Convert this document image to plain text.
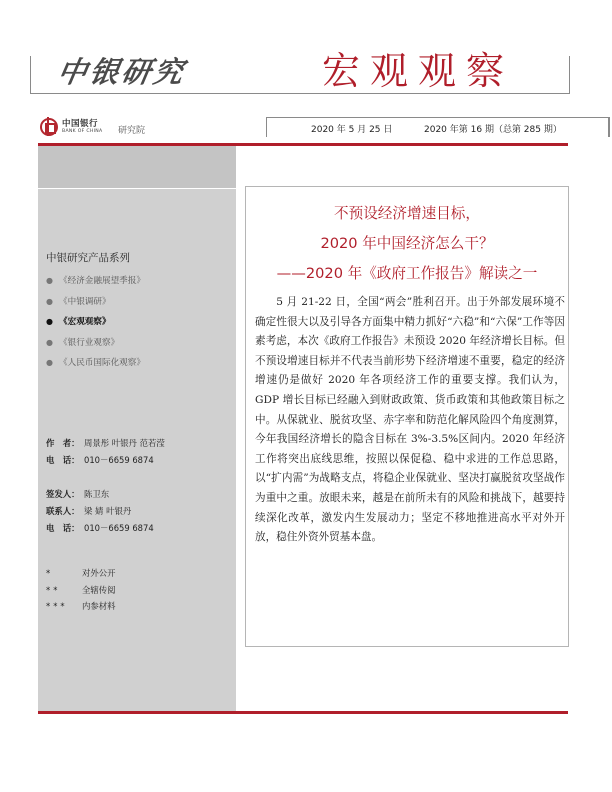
中银研究	宏观观察
中国银行
BANK OF CHINA 研究院	2020 年 5 月 25 日	2020 年第 16 期（总第 285 期）
中银研究产品系列
● 《经济金融展望季报》
● 《中银调研》
● 《宏观观察》
● 《银行业观察》
● 《人民币国际化观察》
作　者： 周景彤 叶银丹 范若滢
电　话： 010－6659 6874
签发人： 陈卫东
联系人： 梁 婧 叶银丹
电　话： 010－6659 6874
*	对外公开
**	全辖传阅
*** 内参材料
不预设经济增速目标，
2020 年中国经济怎么干？
——2020 年《政府工作报告》解读之一

5 月 21-22 日，全国“两会”胜利召开。出于外部发展环境不确定性很大以及引导各方面集中精力抓好“六稳”和“六保”工作等因素考虑，本次《政府工作报告》未预设 2020 年经济增长目标。但不预设增速目标并不代表当前形势下经济增速不重要，稳定的经济增速仍是做好 2020 年各项经济工作的重要支撑。我们认为，GDP 增长目标已经融入到财政政策、货币政策和其他政策目标之中。从保就业、脱贫攻坚、赤字率和防范化解风险四个角度测算，今年我国经济增长的隐含目标在 3%-3.5%区间内。2020 年经济工作将突出底线思维，按照以保促稳、稳中求进的工作总思路，以“扩内需”为战略支点，将稳企业保就业、坚决打赢脱贫攻坚战作为重中之重。放眼未来，越是在前所未有的风险和挑战下，越要持续深化改革，激发内生发展动力；坚定不移地推进高水平对外开放，稳住外资外贸基本盘。
